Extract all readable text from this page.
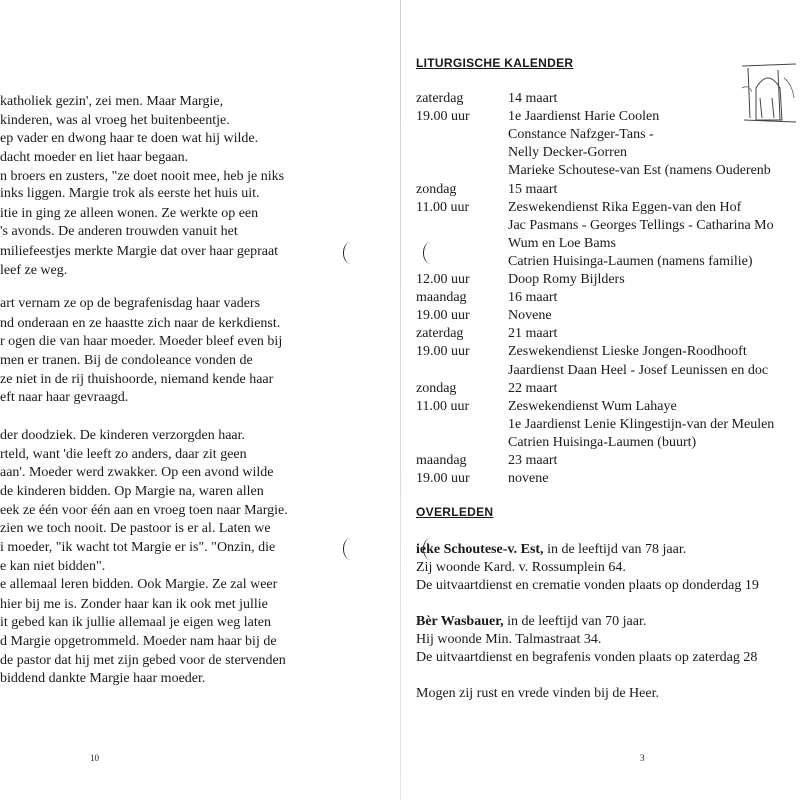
katholiek gezin', zei men. Maar Margie,
kinderen, was al vroeg het buitenbeentje.
ep vader en dwong haar te doen wat hij wilde.
dacht moeder en liet haar begaan.
n broers en zusters, "ze doet nooit mee, heb je niks
inks liggen. Margie trok als eerste het huis uit.
itie in ging ze alleen wonen. Ze werkte op een
's avonds. De anderen trouwden vanuit het
miliefeestjes merkte Margie dat over haar gepraat
leef ze weg.
art vernam ze op de begrafenisdag haar vaders
nd onderaan en ze haastte zich naar de kerkdienst.
r ogen die van haar moeder. Moeder bleef even bij
men er tranen. Bij de condoleance vonden de
ze niet in de rij thuishoorde, niemand kende haar
eft naar haar gevraagd.
der doodziek. De kinderen verzorgden haar.
rteld, want 'die leeft zo anders, daar zit geen
aan'. Moeder werd zwakker. Op een avond wilde
de kinderen bidden. Op Margie na, waren allen
eek ze één voor één aan en vroeg toen naar Margie.
zien we toch nooit. De pastoor is er al. Laten we
i moeder, "ik wacht tot Margie er is". "Onzin, die
e kan niet bidden".
e allemaal leren bidden. Ook Margie. Ze zal weer
hier bij me is. Zonder haar kan ik ook met jullie
it gebed kan ik jullie allemaal je eigen weg laten
d Margie opgetrommeld. Moeder nam haar bij de
de pastor dat hij met zijn gebed voor de stervenden
biddend dankte Margie haar moeder.
10
LITURGISCHE KALENDER
zaterdag	14 maart
19.00 uur	1e Jaardienst Harie Coolen
Constance Nafzger-Tans -
Nelly Decker-Gorren
Marieke Schoutese-van Est (namens Ouderenb
zondag	15 maart
11.00 uur	Zeswekendienst Rika Eggen-van den Hof
Jac Pasmans - Georges Tellings - Catharina Mo
Wum en Loe Bams
Catrien Huisinga-Laumen (namens familie)
12.00 uur	Doop Romy Bijlders
maandag	16 maart
19.00 uur	Novene
zaterdag	21 maart
19.00 uur	Zeswekendienst Lieske Jongen-Roodhooft
Jaardienst Daan Heel - Josef Leunissen en doc
zondag	22 maart
11.00 uur	Zeswekendienst Wum Lahaye
1e Jaardienst Lenie Klingestijn-van der Meulen
Catrien Huisinga-Laumen (buurt)
maandag	23 maart
19.00 uur	novene
OVERLEDEN
ieke Schoutese-v. Est, in de leeftijd van 78 jaar.
Zij woonde Kard. v. Rossumplein 64.
De uitvaartdienst en crematie vonden plaats op donderdag 19
Bèr Wasbauer, in de leeftijd van 70 jaar.
Hij woonde Min. Talmastraat 34.
De uitvaartdienst en begrafenis vonden plaats op zaterdag 28
Mogen zij rust en vrede vinden bij de Heer.
3
